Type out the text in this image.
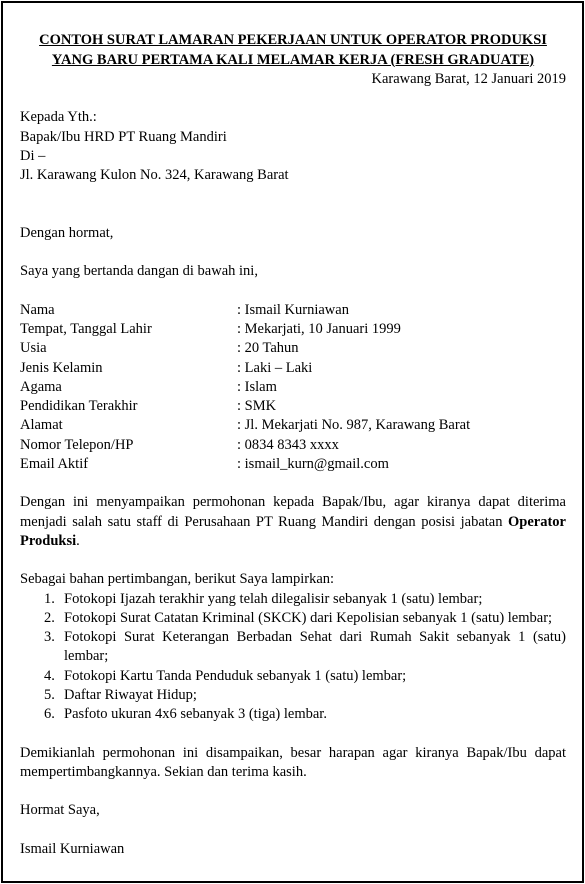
CONTOH SURAT LAMARAN PEKERJAAN UNTUK OPERATOR PRODUKSI
YANG BARU PERTAMA KALI MELAMAR KERJA (FRESH GRADUATE)
Karawang Barat, 12 Januari 2019
Kepada Yth.:
Bapak/Ibu HRD PT Ruang Mandiri
Di –
Jl. Karawang Kulon No. 324, Karawang Barat
Dengan hormat,
Saya yang bertanda dangan di bawah ini,
Nama	: Ismail Kurniawan
Tempat, Tanggal Lahir	: Mekarjati, 10 Januari 1999
Usia	: 20 Tahun
Jenis Kelamin	: Laki – Laki
Agama	: Islam
Pendidikan Terakhir	: SMK
Alamat	: Jl. Mekarjati No. 987, Karawang Barat
Nomor Telepon/HP	: 0834 8343 xxxx
Email Aktif	: ismail_kurn@gmail.com
Dengan ini menyampaikan permohonan kepada Bapak/Ibu, agar kiranya dapat diterima
menjadi salah satu staff di Perusahaan PT Ruang Mandiri dengan posisi jabatan Operator
Produksi.
Sebagai bahan pertimbangan, berikut Saya lampirkan:
1. Fotokopi Ijazah terakhir yang telah dilegalisir sebanyak 1 (satu) lembar;
2. Fotokopi Surat Catatan Kriminal (SKCK) dari Kepolisian sebanyak 1 (satu) lembar;
3. Fotokopi Surat Keterangan Berbadan Sehat dari Rumah Sakit sebanyak 1 (satu)
lembar;
4. Fotokopi Kartu Tanda Penduduk sebanyak 1 (satu) lembar;
5. Daftar Riwayat Hidup;
6. Pasfoto ukuran 4x6 sebanyak 3 (tiga) lembar.
Demikianlah permohonan ini disampaikan, besar harapan agar kiranya Bapak/Ibu dapat
mempertimbangkannya. Sekian dan terima kasih.
Hormat Saya,
Ismail Kurniawan
